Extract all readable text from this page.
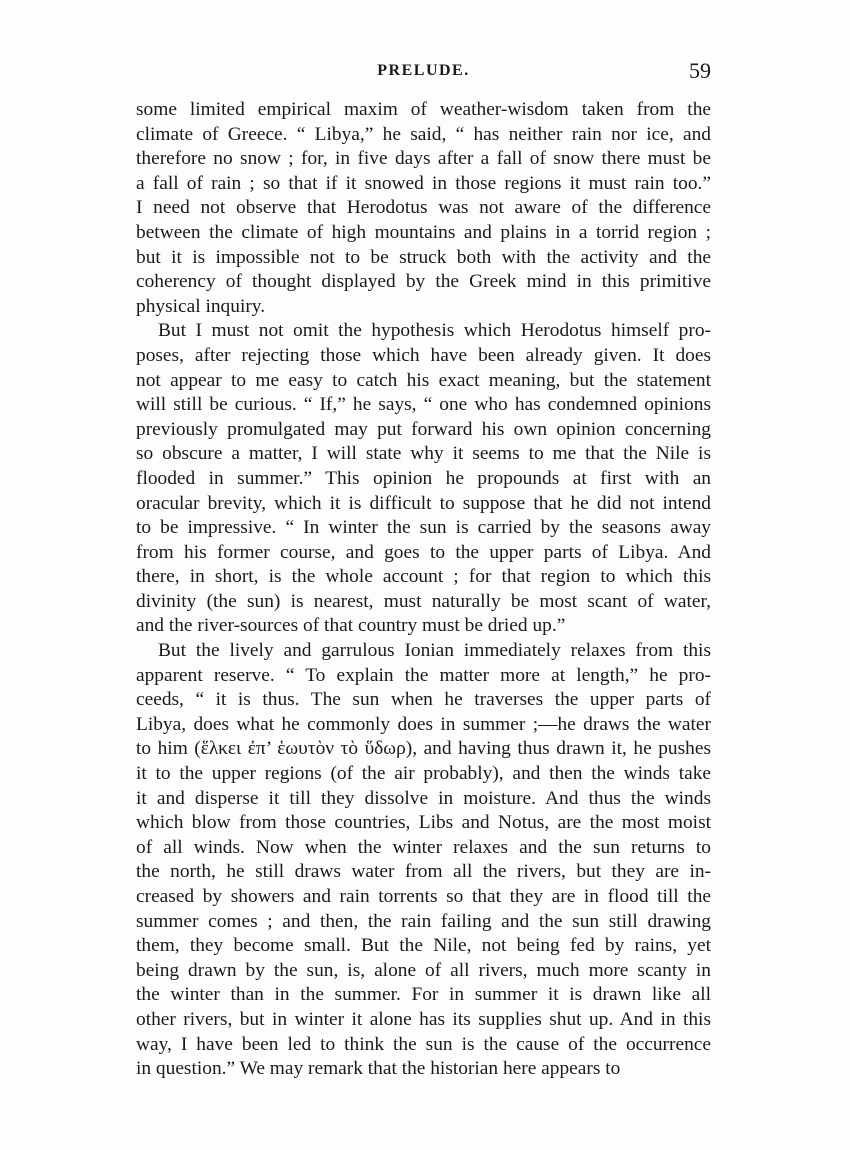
PRELUDE.	59
some limited empirical maxim of weather-wisdom taken from the
climate of Greece. “ Libya,” he said, “ has neither rain nor ice, and
therefore no snow ; for, in five days after a fall of snow there must be
a fall of rain ; so that if it snowed in those regions it must rain too.”
I need not observe that Herodotus was not aware of the difference
between the climate of high mountains and plains in a torrid region ;
but it is impossible not to be struck both with the activity and the
coherency of thought displayed by the Greek mind in this primitive
physical inquiry.
But I must not omit the hypothesis which Herodotus himself pro-
poses, after rejecting those which have been already given. It does
not appear to me easy to catch his exact meaning, but the statement
will still be curious. “ If,” he says, “ one who has condemned opinions
previously promulgated may put forward his own opinion concerning
so obscure a matter, I will state why it seems to me that the Nile is
flooded in summer.” This opinion he propounds at first with an
oracular brevity, which it is difficult to suppose that he did not intend
to be impressive. “ In winter the sun is carried by the seasons away
from his former course, and goes to the upper parts of Libya. And
there, in short, is the whole account ; for that region to which this
divinity (the sun) is nearest, must naturally be most scant of water,
and the river-sources of that country must be dried up.”
But the lively and garrulous Ionian immediately relaxes from this
apparent reserve. “ To explain the matter more at length,” he pro-
ceeds, “ it is thus. The sun when he traverses the upper parts of
Libya, does what he commonly does in summer ;—he draws the water
to him (ἕλκει ἐπ’ ἑωυτὸν τὸ ὕδωρ), and having thus drawn it, he pushes
it to the upper regions (of the air probably), and then the winds take
it and disperse it till they dissolve in moisture. And thus the winds
which blow from those countries, Libs and Notus, are the most moist
of all winds. Now when the winter relaxes and the sun returns to
the north, he still draws water from all the rivers, but they are in-
creased by showers and rain torrents so that they are in flood till the
summer comes ; and then, the rain failing and the sun still drawing
them, they become small. But the Nile, not being fed by rains, yet
being drawn by the sun, is, alone of all rivers, much more scanty in
the winter than in the summer. For in summer it is drawn like all
other rivers, but in winter it alone has its supplies shut up. And in this
way, I have been led to think the sun is the cause of the occurrence
in question.” We may remark that the historian here appears to
